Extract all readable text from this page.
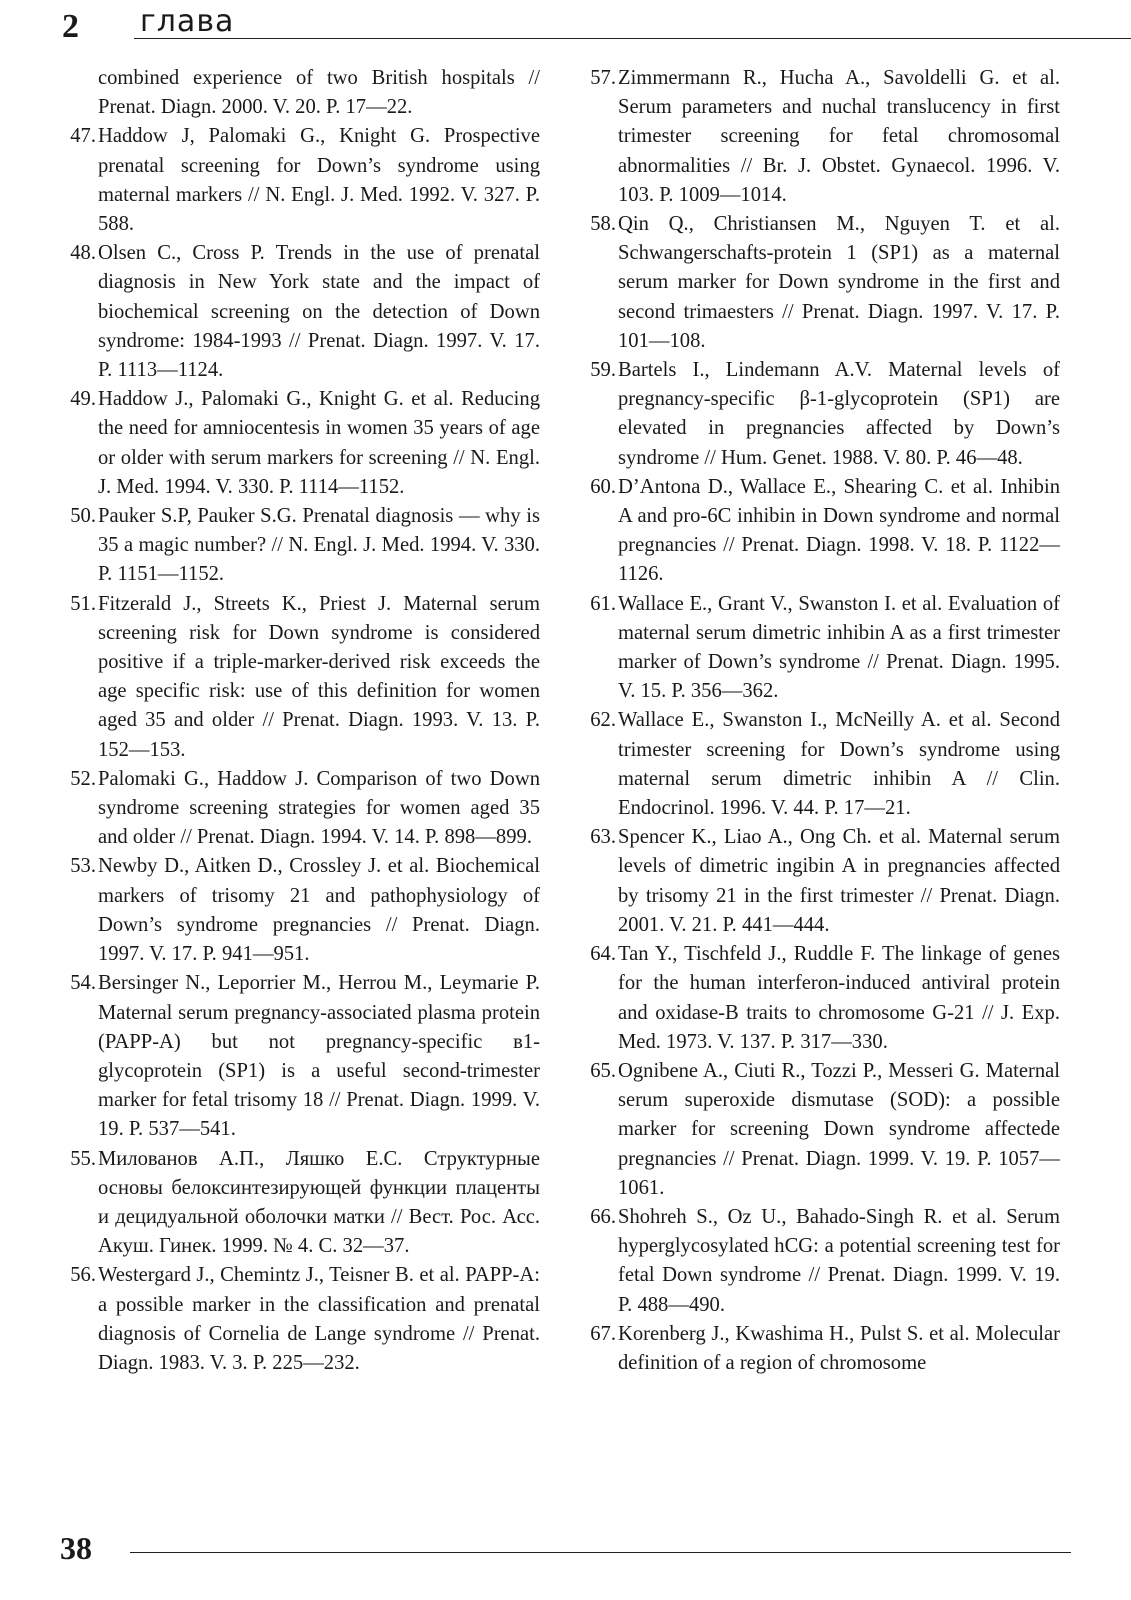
2 глава

combined experience of two British hospitals // Prenat. Diagn. 2000. V. 20. P. 17—22.

47. Haddow J, Palomaki G., Knight G. Prospective prenatal screening for Down’s syndrome using maternal markers // N. Engl. J. Med. 1992. V. 327. P. 588.

48. Olsen C., Cross P. Trends in the use of prenatal diagnosis in New York state and the impact of biochemical screening on the detection of Down syndrome: 1984-1993 // Prenat. Diagn. 1997. V. 17. P. 1113—1124.

49. Haddow J., Palomaki G., Knight G. et al. Reducing the need for amniocentesis in women 35 years of age or older with serum markers for screening // N. Engl. J. Med. 1994. V. 330. P. 1114—1152.

50. Pauker S.P, Pauker S.G. Prenatal diagnosis — why is 35 a magic number? // N. Engl. J. Med. 1994. V. 330. P. 1151—1152.

51. Fitzerald J., Streets K., Priest J. Maternal serum screening risk for Down syndrome is considered positive if a triple-marker-derived risk exceeds the age specific risk: use of this definition for women aged 35 and older // Prenat. Diagn. 1993. V. 13. P. 152—153.

52. Palomaki G., Haddow J. Comparison of two Down syndrome screening strategies for women aged 35 and older // Prenat. Diagn. 1994. V. 14. P. 898—899.

53. Newby D., Aitken D., Crossley J. et al. Biochemical markers of trisomy 21 and pathophysiology of Down’s syndrome pregnancies // Prenat. Diagn. 1997. V. 17. P. 941—951.

54. Bersinger N., Leporrier M., Herrou M., Leymarie P. Maternal serum pregnancy-associated plasma protein (PAPP-A) but not pregnancy-specific в1-glycoprotein (SP1) is a useful second-trimester marker for fetal trisomy 18 // Prenat. Diagn. 1999. V. 19. P. 537—541.

55. Милованов А.П., Ляшко Е.С. Структурные основы белоксинтезирующей функции плаценты и децидуальной оболочки матки // Вест. Рос. Асс. Акуш. Гинек. 1999. № 4. С. 32—37.

56. Westergard J., Chemintz J., Teisner B. et al. PAPP-A: a possible marker in the classification and prenatal diagnosis of Cornelia de Lange syndrome // Prenat. Diagn. 1983. V. 3. P. 225—232.

57. Zimmermann R., Hucha A., Savoldelli G. et al. Serum parameters and nuchal translucency in first trimester screening for fetal chromosomal abnormalities // Br. J. Obstet. Gynaecol. 1996. V. 103. P. 1009—1014.

58. Qin Q., Christiansen M., Nguyen T. et al. Schwangerschafts-protein 1 (SP1) as a maternal serum marker for Down syndrome in the first and second trimaesters // Prenat. Diagn. 1997. V. 17. P. 101—108.

59. Bartels I., Lindemann A.V. Maternal levels of pregnancy-specific β-1-glycoprotein (SP1) are elevated in pregnancies affected by Down’s syndrome // Hum. Genet. 1988. V. 80. P. 46—48.

60. D’Antona D., Wallace E., Shearing C. et al. Inhibin A and pro-6C inhibin in Down syndrome and normal pregnancies // Prenat. Diagn. 1998. V. 18. P. 1122—1126.

61. Wallace E., Grant V., Swanston I. et al. Evaluation of maternal serum dimetric inhibin A as a first trimester marker of Down’s syndrome // Prenat. Diagn. 1995. V. 15. P. 356—362.

62. Wallace E., Swanston I., McNeilly A. et al. Second trimester screening for Down’s syndrome using maternal serum dimetric inhibin A // Clin. Endocrinol. 1996. V. 44. P. 17—21.

63. Spencer K., Liao A., Ong Ch. et al. Maternal serum levels of dimetric ingibin A in pregnancies affected by trisomy 21 in the first trimester // Prenat. Diagn. 2001. V. 21. P. 441—444.

64. Tan Y., Tischfeld J., Ruddle F. The linkage of genes for the human interferon-induced antiviral protein and oxidase-B traits to chromosome G-21 // J. Exp. Med. 1973. V. 137. P. 317—330.

65. Ognibene A., Ciuti R., Tozzi P., Messeri G. Maternal serum superoxide dismutase (SOD): a possible marker for screening Down syndrome affectede pregnancies // Prenat. Diagn. 1999. V. 19. P. 1057—1061.

66. Shohreh S., Oz U., Bahado-Singh R. et al. Serum hyperglycosylated hCG: a potential screening test for fetal Down syndrome // Prenat. Diagn. 1999. V. 19. P. 488—490.

67. Korenberg J., Kwashima H., Pulst S. et al. Molecular definition of a region of chromosome

38
